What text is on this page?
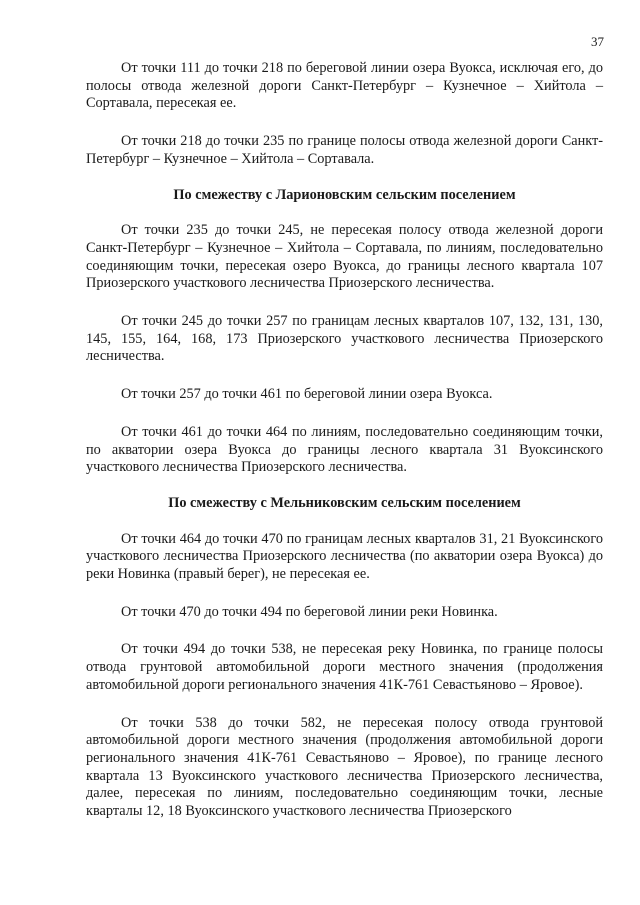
37

От точки 111 до точки 218 по береговой линии озера Вуокса, исключая его, до полосы отвода железной дороги Санкт-Петербург – Кузнечное – Хийтола – Сортавала, пересекая ее.

От точки 218 до точки 235 по границе полосы отвода железной дороги Санкт-Петербург – Кузнечное – Хийтола – Сортавала.

По смежеству с Ларионовским сельским поселением

От точки 235 до точки 245, не пересекая полосу отвода железной дороги Санкт-Петербург – Кузнечное – Хийтола – Сортавала, по линиям, последовательно соединяющим точки, пересекая озеро Вуокса, до границы лесного квартала 107 Приозерского участкового лесничества Приозерского лесничества.

От точки 245 до точки 257 по границам лесных кварталов 107, 132, 131, 130, 145, 155, 164, 168, 173 Приозерского участкового лесничества Приозерского лесничества.

От точки 257 до точки 461 по береговой линии озера Вуокса.

От точки 461 до точки 464 по линиям, последовательно соединяющим точки, по акватории озера Вуокса до границы лесного квартала 31 Вуоксинского участкового лесничества Приозерского лесничества.

По смежеству с Мельниковским сельским поселением

От точки 464 до точки 470 по границам лесных кварталов 31, 21 Вуоксинского участкового лесничества Приозерского лесничества (по акватории озера Вуокса) до реки Новинка (правый берег), не пересекая ее.

От точки 470 до точки 494 по береговой линии реки Новинка.

От точки 494 до точки 538, не пересекая реку Новинка, по границе полосы отвода грунтовой автомобильной дороги местного значения (продолжения автомобильной дороги регионального значения 41К-761 Севастьяново – Яровое).

От точки 538 до точки 582, не пересекая полосу отвода грунтовой автомобильной дороги местного значения (продолжения автомобильной дороги регионального значения 41К-761 Севастьяново – Яровое), по границе лесного квартала 13 Вуоксинского участкового лесничества Приозерского лесничества, далее, пересекая по линиям, последовательно соединяющим точки, лесные кварталы 12, 18 Вуоксинского участкового лесничества Приозерского
